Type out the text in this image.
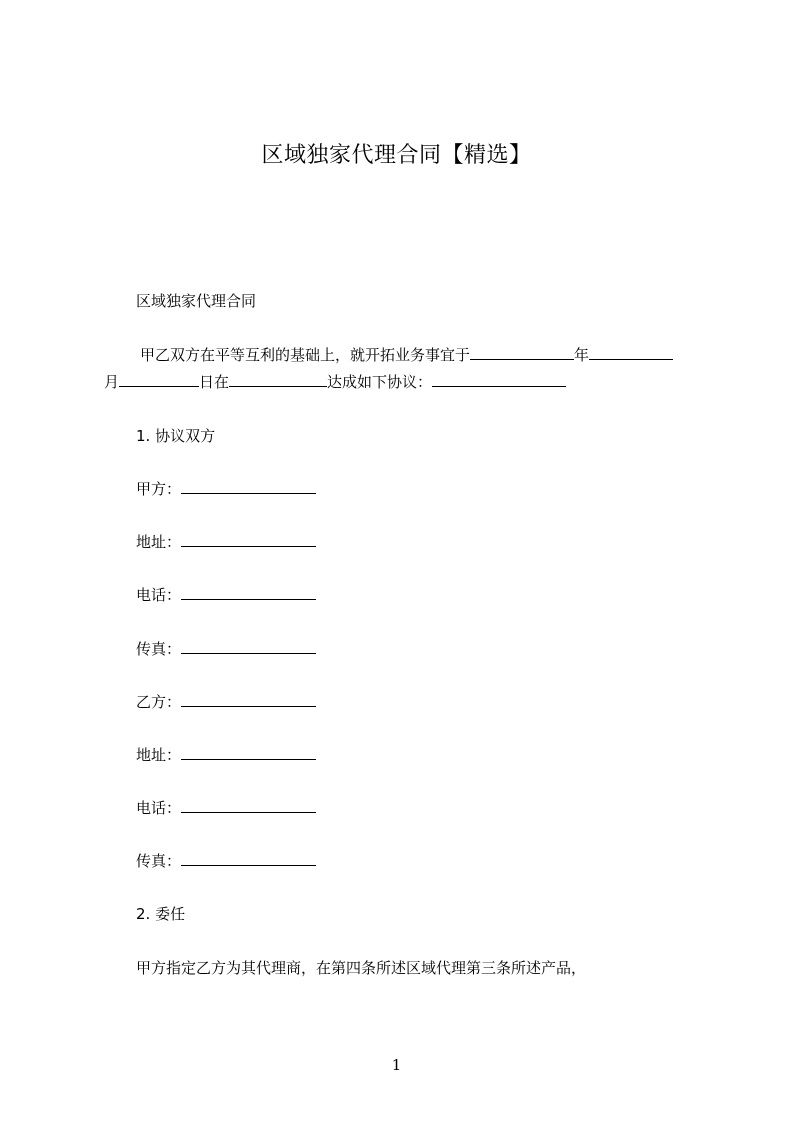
区域独家代理合同【精选】
区域独家代理合同
甲乙双方在平等互利的基础上，就开拓业务事宜于	年
月	日在	达成如下协议：
1. 协议双方
甲方：
地址：
电话：
传真：
乙方：
地址：
电话：
传真：
2. 委任
甲方指定乙方为其代理商，在第四条所述区域代理第三条所述产品，
1
